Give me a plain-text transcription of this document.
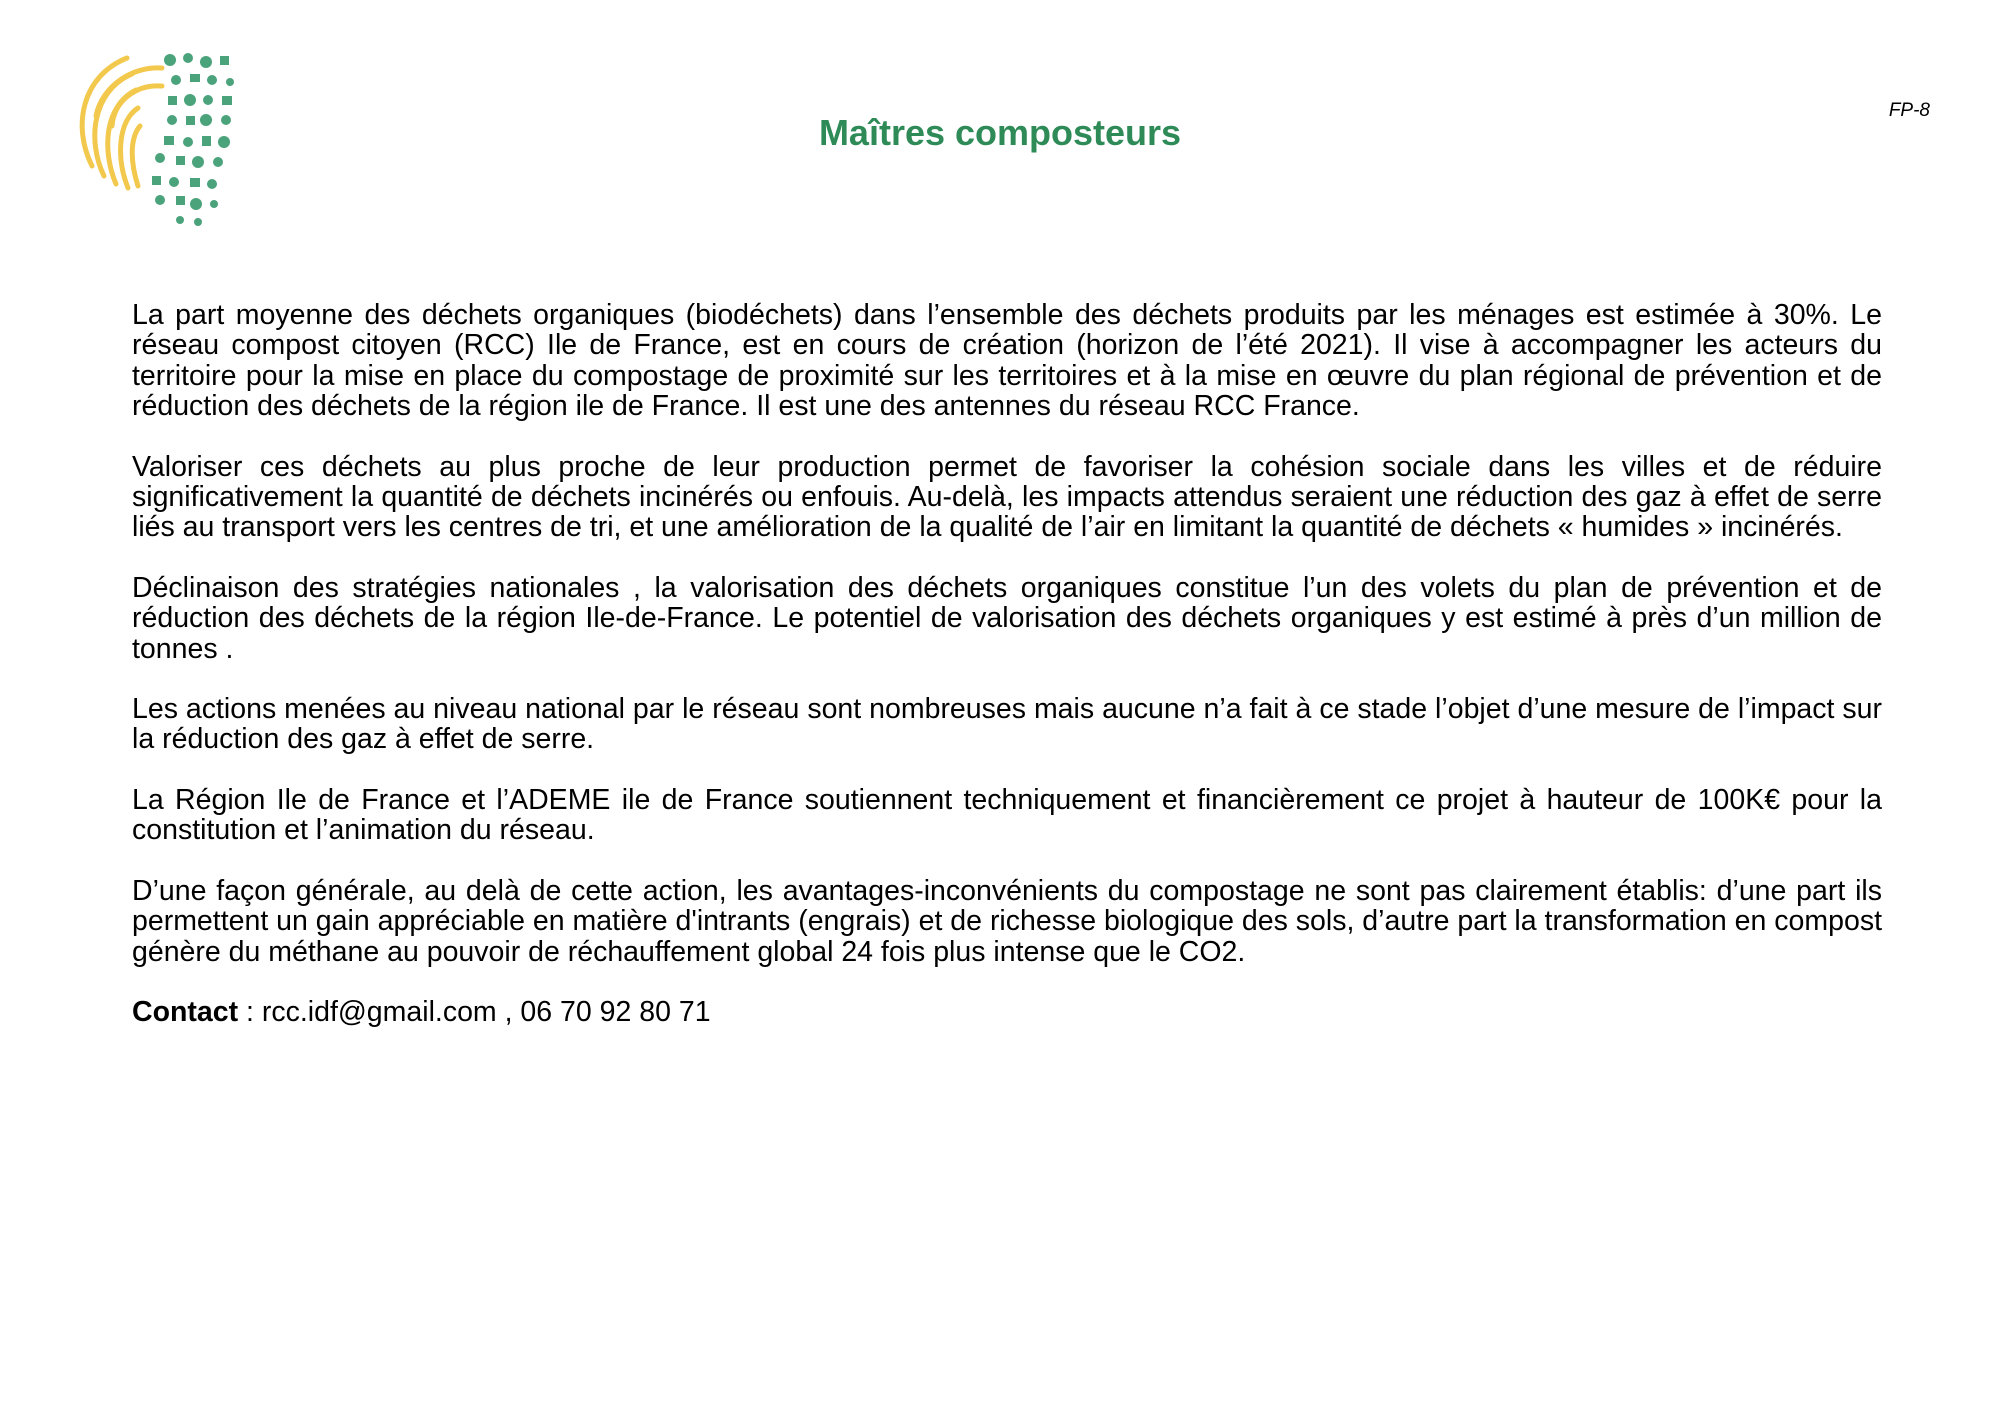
Maîtres composteurs
FP-8

La part moyenne des déchets organiques (biodéchets) dans l’ensemble des déchets produits par les ménages est estimée à 30%. Le réseau compost citoyen (RCC) Ile de France, est en cours de création (horizon de l’été 2021). Il vise à accompagner les acteurs du territoire pour la mise en place du compostage de proximité sur les territoires et à la mise en œuvre du plan régional de prévention et de réduction des déchets de la région ile de France. Il est une des antennes du réseau RCC France.

Valoriser ces déchets au plus proche de leur production permet de favoriser la cohésion sociale dans les villes et de réduire significativement la quantité de déchets incinérés ou enfouis. Au-delà, les impacts attendus seraient une réduction des gaz à effet de serre liés au transport vers les centres de tri, et une amélioration de la qualité de l’air en limitant la quantité de déchets « humides » incinérés.

Déclinaison des stratégies nationales , la valorisation des déchets organiques constitue l’un des volets du plan de prévention et de réduction des déchets de la région Ile-de-France. Le potentiel de valorisation des déchets organiques y est estimé à près d’un million de tonnes .

Les actions menées au niveau national par le réseau sont nombreuses mais aucune n’a fait à ce stade l’objet d’une mesure de l’impact sur la réduction des gaz à effet de serre.

La Région Ile de France et l’ADEME ile de France soutiennent techniquement et financièrement ce projet à hauteur de 100K€ pour la constitution et l’animation du réseau.

D’une façon générale, au delà de cette action, les avantages-inconvénients du compostage ne sont pas clairement établis: d’une part ils permettent un gain appréciable en matière d'intrants (engrais) et de richesse biologique des sols, d’autre part la transformation en compost génère du méthane au pouvoir de réchauffement global 24 fois plus intense que le CO2.

Contact : rcc.idf@gmail.com , 06 70 92 80 71
